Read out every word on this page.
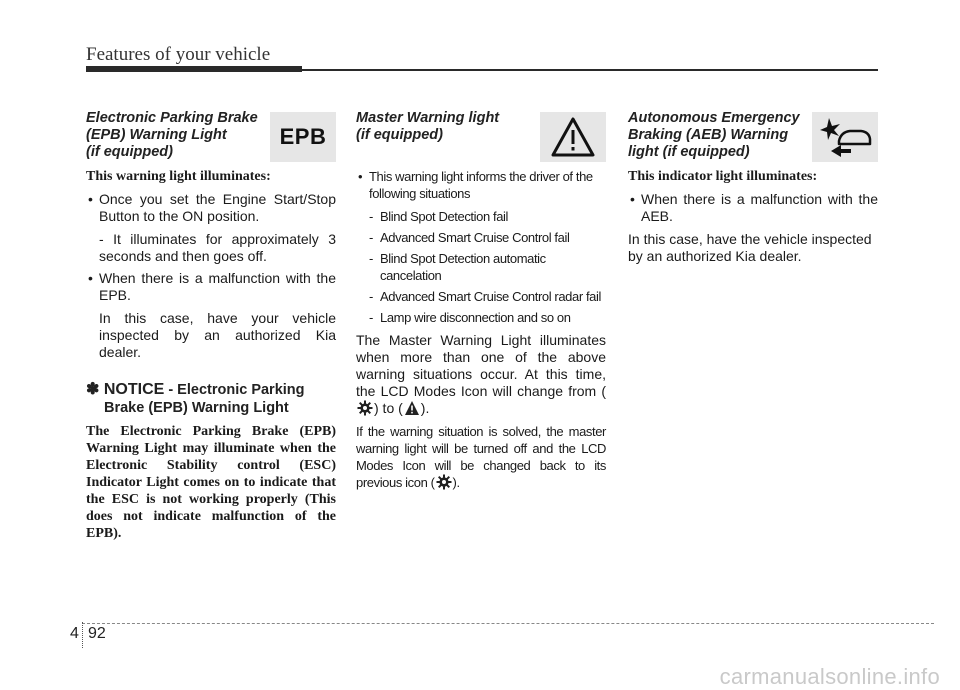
Features of your vehicle
Electronic Parking Brake
(EPB) Warning Light
(if equipped)
EPB
This warning light illuminates:
• Once you set the Engine Start/Stop Button to the ON position.
- It illuminates for approximately 3 seconds and then goes off.
• When there is a malfunction with the EPB.
In this case, have your vehicle inspected by an authorized Kia dealer.
✽ NOTICE - Electronic Parking
Brake (EPB) Warning Light
The Electronic Parking Brake (EPB) Warning Light may illuminate when the Electronic Stability control (ESC) Indicator Light comes on to indicate that the ESC is not working properly (This does not indicate malfunction of the EPB).
Master Warning light
(if equipped)
• This warning light informs the driver of the following situations
- Blind Spot Detection fail
- Advanced Smart Cruise Control fail
- Blind Spot Detection automatic cancelation
- Advanced Smart Cruise Control radar fail
- Lamp wire disconnection and so on
The Master Warning Light illuminates when more than one of the above warning situations occur. At this time, the LCD Modes Icon will change from () to ( ).
If the warning situation is solved, the master warning light will be turned off and the LCD Modes Icon will be changed back to its previous icon ( ).
Autonomous Emergency
Braking (AEB) Warning
light (if equipped)
This indicator light illuminates:
• When there is a malfunction with the AEB.
In this case, have the vehicle inspected by an authorized Kia dealer.
4 92
carmanualsonline.info
